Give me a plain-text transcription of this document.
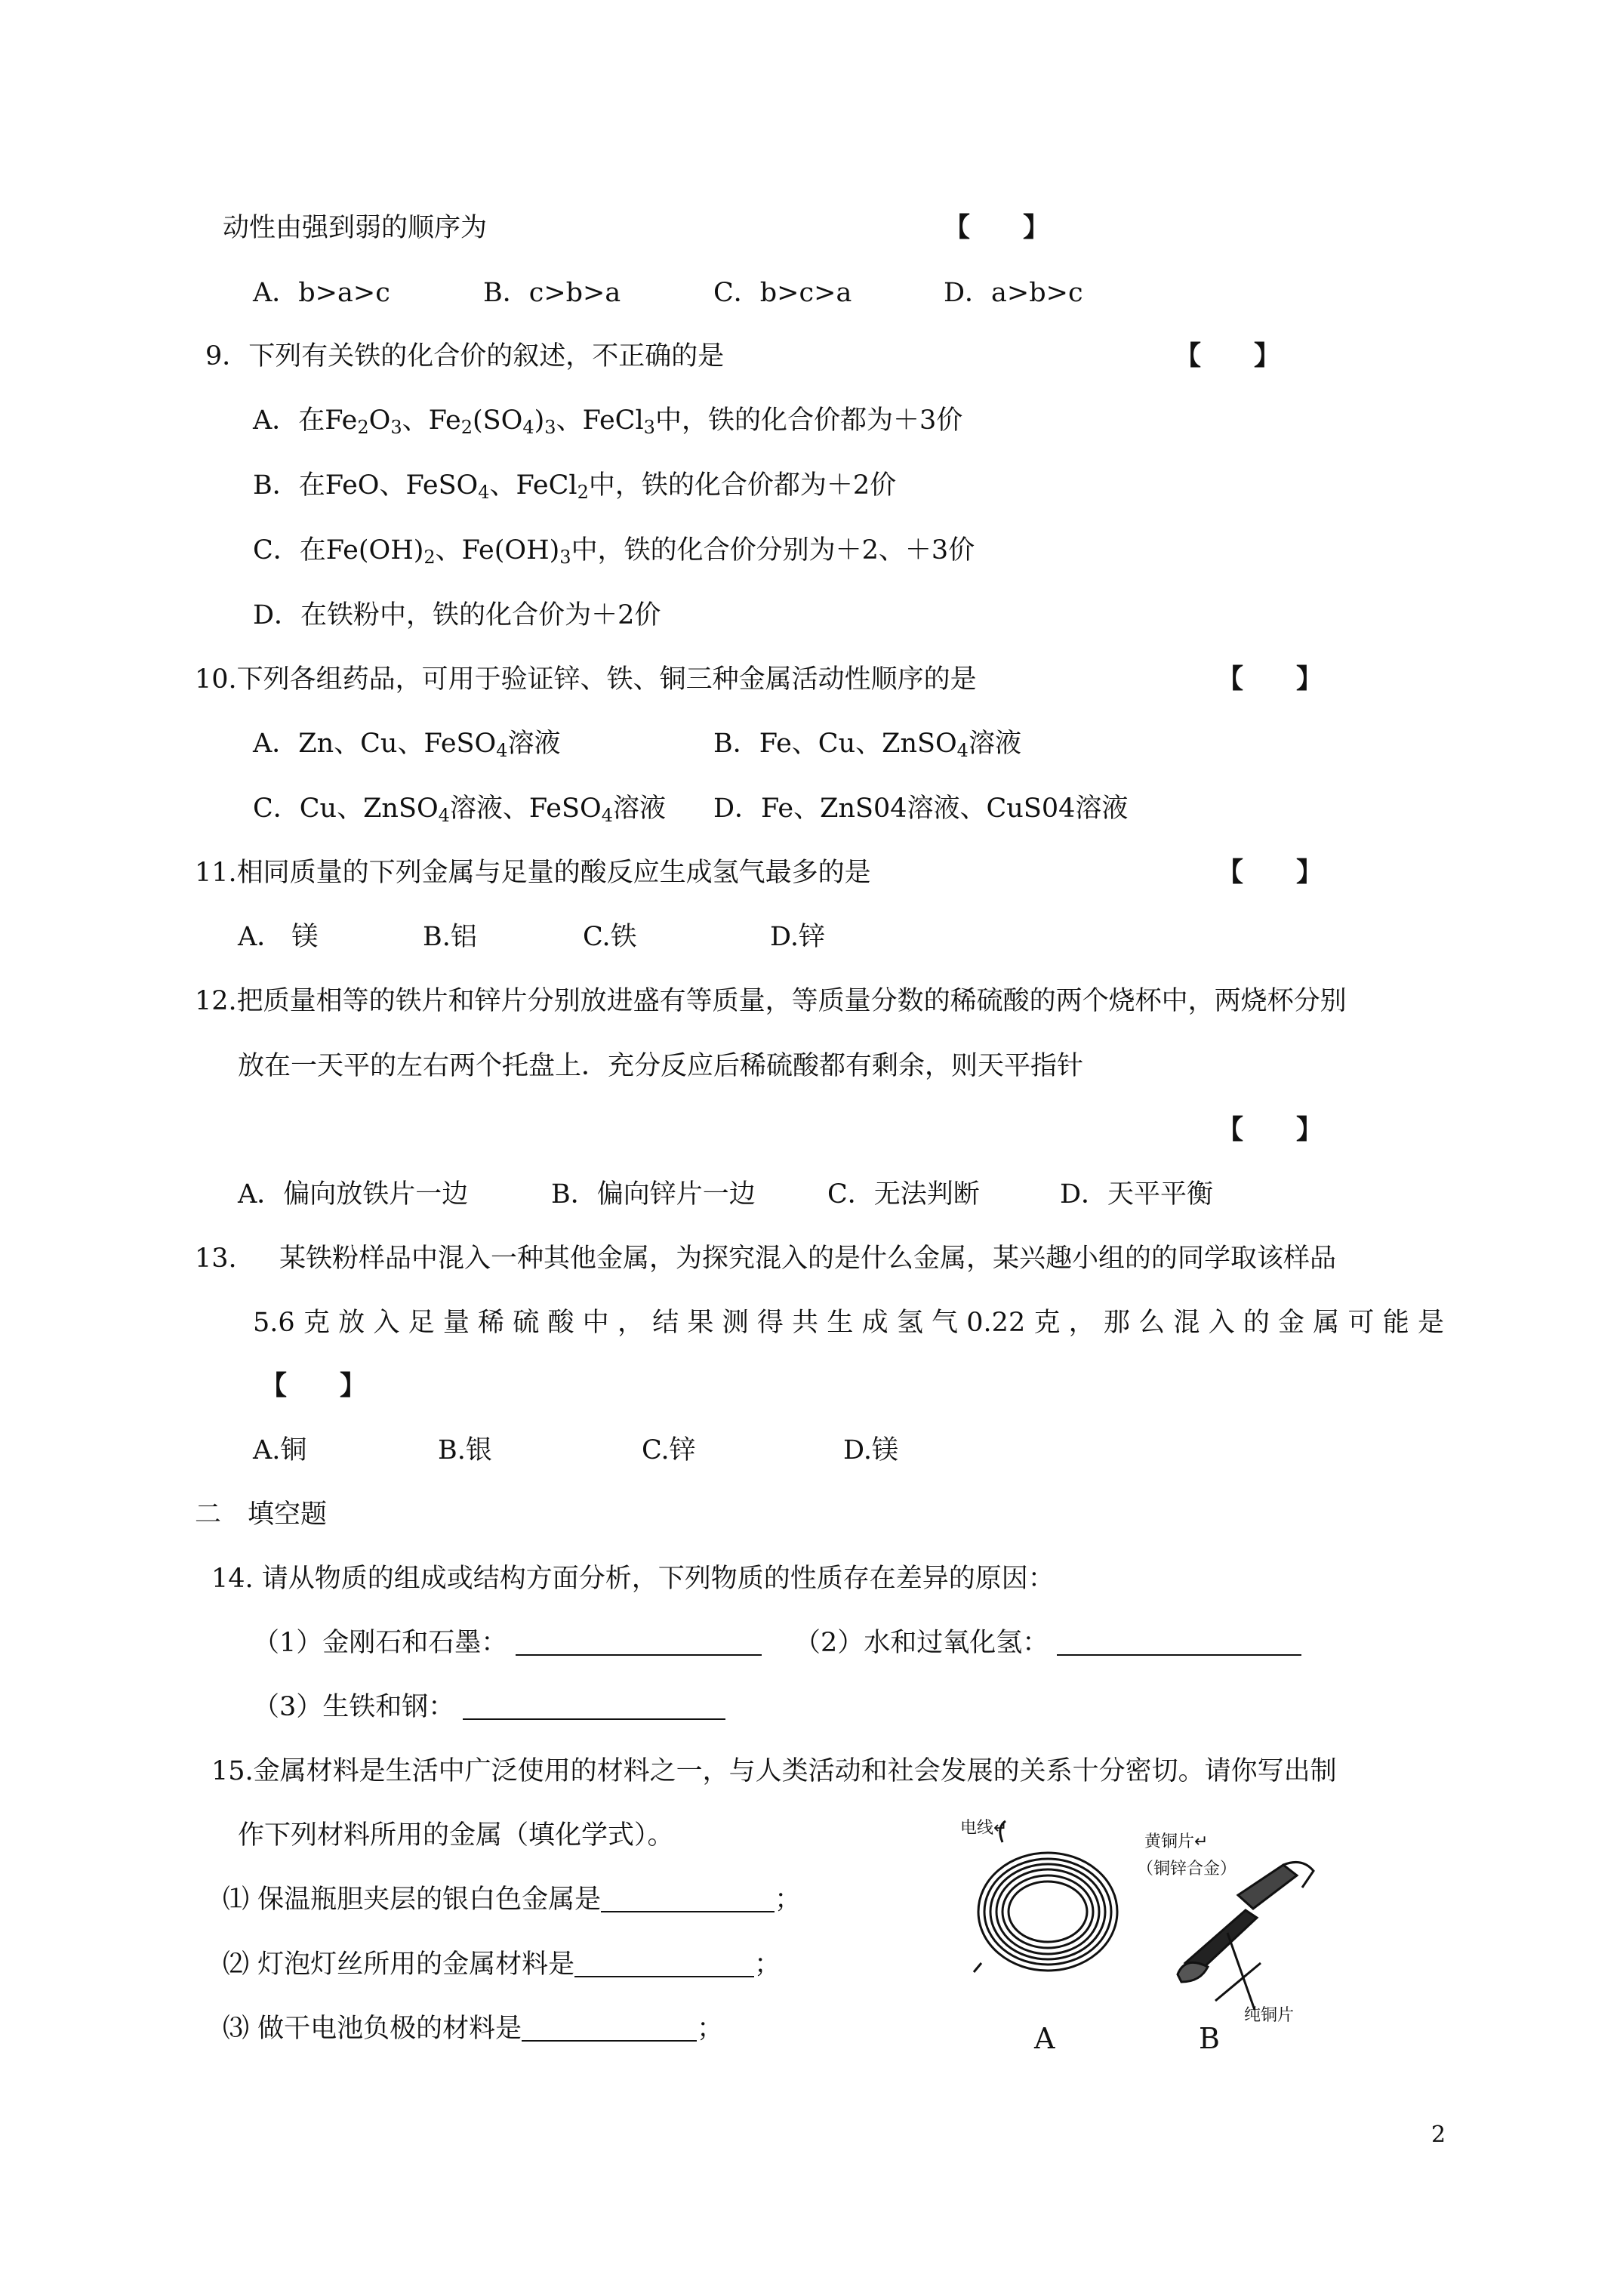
动性由强到弱的顺序为	【　　】
A．b>a>c	B．c>b>a	C．b>c>a	D．a>b>c
9．下列有关铁的化合价的叙述，不正确的是	【　　】
A．在$Fe_2O_3$、$Fe_2(SO_4)_3$、FeCl$_3$中，铁的化合价都为＋3价
B．在FeO、FeSO$_4$、FeCl$_2$中，铁的化合价都为＋2价
C．在$Fe(OH)_2$、$Fe(OH)_3$中，铁的化合价分别为＋2、＋3价
D．在铁粉中，铁的化合价为＋2价
10.下列各组药品，可用于验证锌、铁、铜三种金属活动性顺序的是	【　　】
A．Zn、Cu、FeSO$_4$溶液	B．Fe、Cu、ZnSO$_4$溶液
C．Cu、ZnSO$_4$溶液、FeSO$_4$溶液 D．Fe、ZnS04溶液、CuS04溶液
11.相同质量的下列金属与足量的酸反应生成氢气最多的是	【　　】
A． 镁	B.铝	C.铁	D.锌
12.把质量相等的铁片和锌片分别放进盛有等质量，等质量分数的稀硫酸的两个烧杯中，两烧杯分别
放在一天平的左右两个托盘上．充分反应后稀硫酸都有剩余，则天平指针
【　　】
A．偏向放铁片一边	B．偏向锌片一边	C．无法判断	D．天平平衡
13. 某铁粉样品中混入一种其他金属，为探究混入的是什么金属，某兴趣小组的的同学取该样品
5.6克放入足量稀硫酸中，结果测得共生成氢气0.22克，那么混入的金属可能是
【　　】
A.铜	B.银	C.锌	D.镁
二　填空题
14. 请从物质的组成或结构方面分析，下列物质的性质存在差异的原因：
（1）金刚石和石墨：	（2）水和过氧化氢：
（3）生铁和钢：
15.金属材料是生活中广泛使用的材料之一，与人类活动和社会发展的关系十分密切。请你写出制
作下列材料所用的金属（填化学式）。
⑴ 保温瓶胆夹层的银白色金属是	；
⑵ 灯泡灯丝所用的金属材料是	；
⑶ 做干电池负极的材料是	；
电线↵
黄铜片↵
（铜锌合金）
纯铜片
A	B
2
